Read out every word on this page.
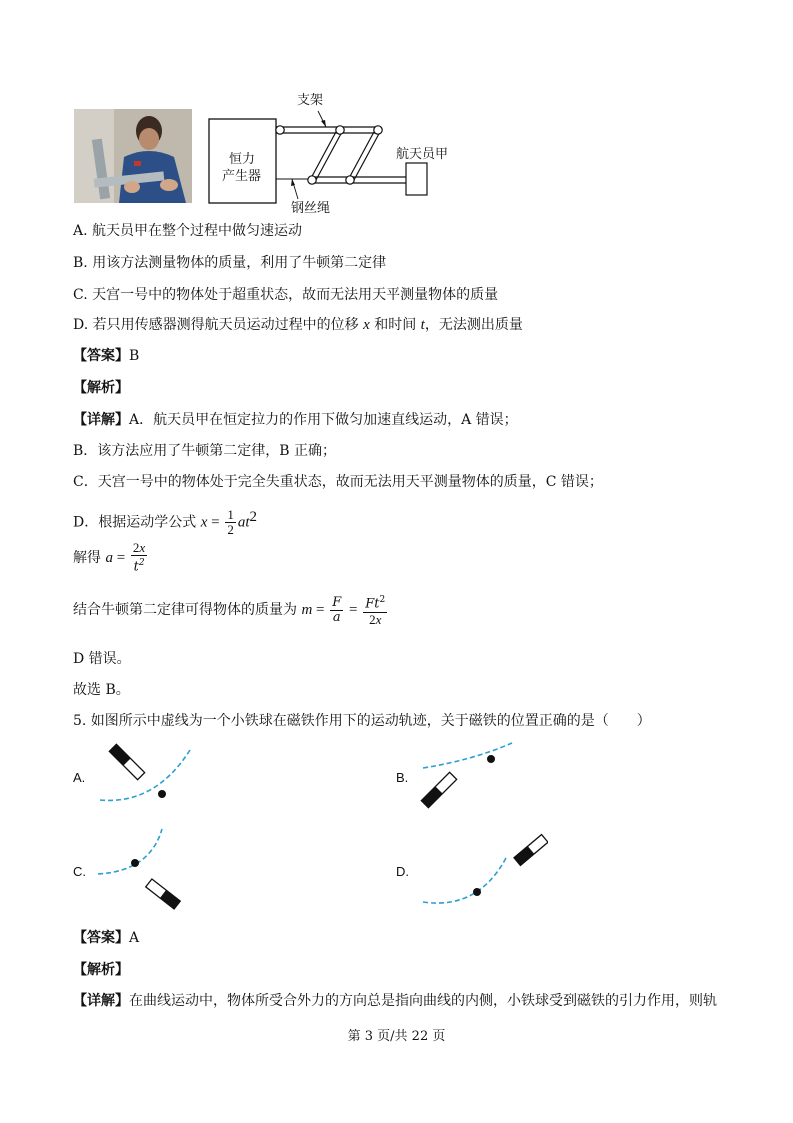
支架
恒力
产生器
航天员甲
钢丝绳
A. 航天员甲在整个过程中做匀速运动
B. 用该方法测量物体的质量，利用了牛顿第二定律
C. 天宫一号中的物体处于超重状态，故而无法用天平测量物体的质量
D. 若只用传感器测得航天员运动过程中的位移 x 和时间 t，无法测出质量
【答案】B
【解析】
【详解】A．航天员甲在恒定拉力的作用下做匀加速直线运动，A 错误；
B．该方法应用了牛顿第二定律，B 正确；
C．天宫一号中的物体处于完全失重状态，故而无法用天平测量物体的质量，C 错误；
D．根据运动学公式 $x = \frac{1}{2} at^2$
解得 $a = \frac{2x}{t^2}$
结合牛顿第二定律可得物体的质量为 $m = \frac{F}{a} = \frac{Ft^2}{2x}$
D 错误。
故选 B。
5. 如图所示中虚线为一个小铁球在磁铁作用下的运动轨迹，关于磁铁的位置正确的是（　　）
A.	B.
C.	D.
【答案】A
【解析】
【详解】在曲线运动中，物体所受合外力的方向总是指向曲线的内侧，小铁球受到磁铁的引力作用，则轨
第 3 页/共 22 页
